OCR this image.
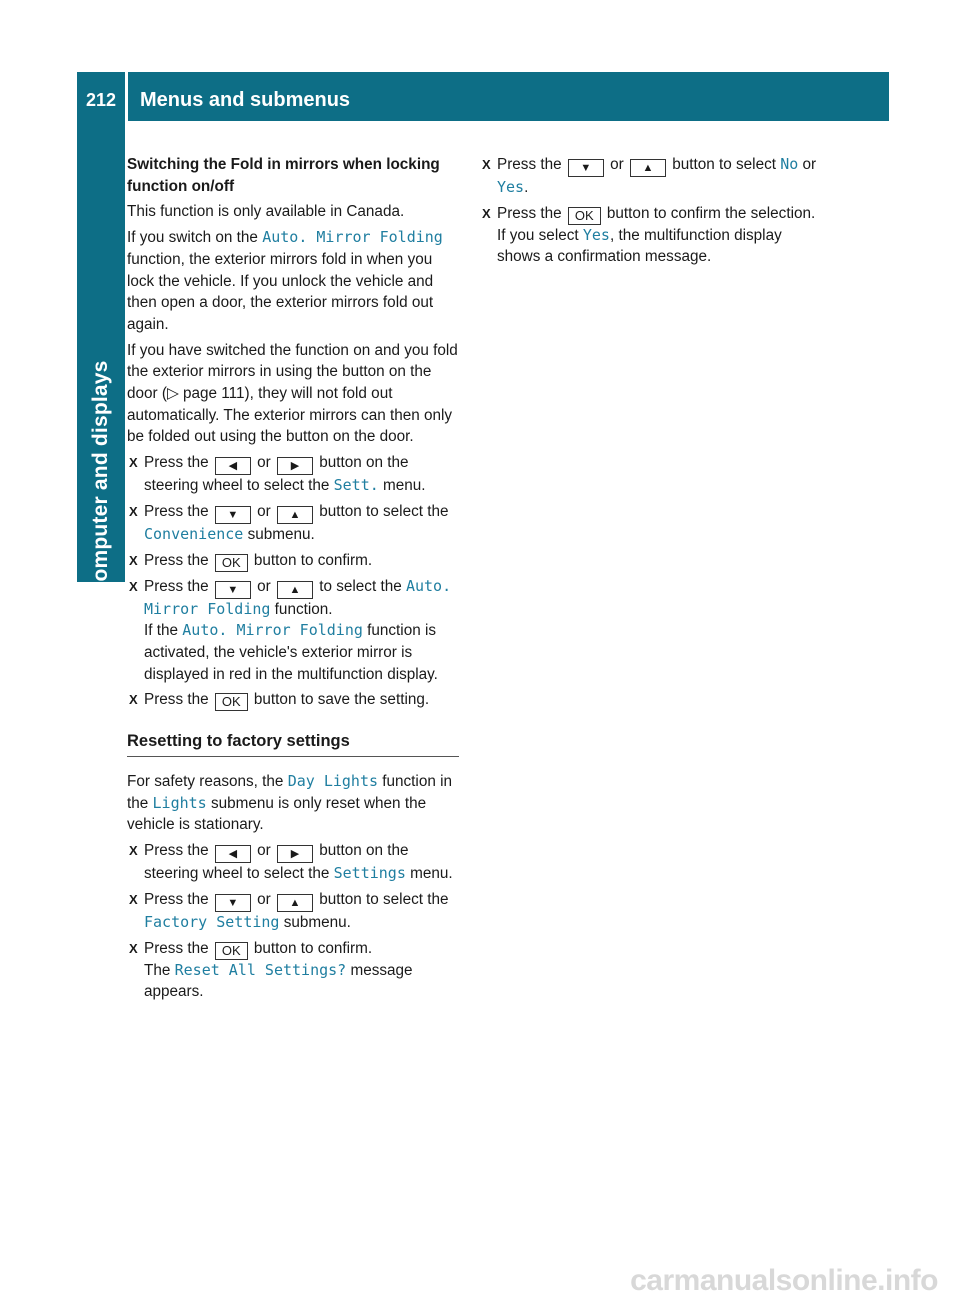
212	Menus and submenus
On-board computer and displays

Switching the Fold in mirrors when locking function on/off

This function is only available in Canada.

If you switch on the Auto. Mirror Folding function, the exterior mirrors fold in when you lock the vehicle. If you unlock the vehicle and then open a door, the exterior mirrors fold out again.

If you have switched the function on and you fold the exterior mirrors in using the button on the door (▷ page 111), they will not fold out automatically. The exterior mirrors can then only be folded out using the button on the door.

X Press the ◀ or ▶ button on the steering wheel to select the Sett. menu.
X Press the ▼ or ▲ button to select the Convenience submenu.
X Press the OK button to confirm.
X Press the ▼ or ▲ to select the Auto. Mirror Folding function.
If the Auto. Mirror Folding function is activated, the vehicle's exterior mirror is displayed in red in the multifunction display.
X Press the OK button to save the setting.
Resetting to factory settings

For safety reasons, the Day Lights function in the Lights submenu is only reset when the vehicle is stationary.

X Press the ◀ or ▶ button on the steering wheel to select the Settings menu.
X Press the ▼ or ▲ button to select the Factory Setting submenu.
X Press the OK button to confirm.
The Reset All Settings? message appears.
X Press the ▼ or ▲ button to select No or Yes.
X Press the OK button to confirm the selection.
If you select Yes, the multifunction display shows a confirmation message.
carmanualsonline.info
